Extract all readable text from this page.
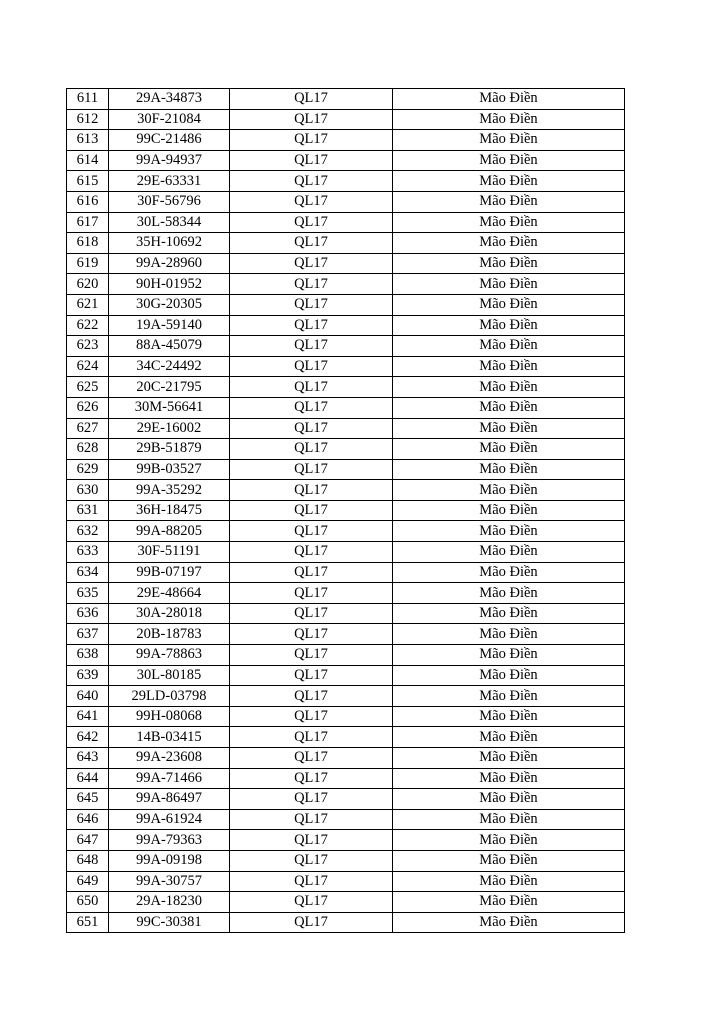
611	29A-34873	QL17	Mão Điền
612	30F-21084	QL17	Mão Điền
613	99C-21486	QL17	Mão Điền
614	99A-94937	QL17	Mão Điền
615	29E-63331	QL17	Mão Điền
616	30F-56796	QL17	Mão Điền
617	30L-58344	QL17	Mão Điền
618	35H-10692	QL17	Mão Điền
619	99A-28960	QL17	Mão Điền
620	90H-01952	QL17	Mão Điền
621	30G-20305	QL17	Mão Điền
622	19A-59140	QL17	Mão Điền
623	88A-45079	QL17	Mão Điền
624	34C-24492	QL17	Mão Điền
625	20C-21795	QL17	Mão Điền
626	30M-56641	QL17	Mão Điền
627	29E-16002	QL17	Mão Điền
628	29B-51879	QL17	Mão Điền
629	99B-03527	QL17	Mão Điền
630	99A-35292	QL17	Mão Điền
631	36H-18475	QL17	Mão Điền
632	99A-88205	QL17	Mão Điền
633	30F-51191	QL17	Mão Điền
634	99B-07197	QL17	Mão Điền
635	29E-48664	QL17	Mão Điền
636	30A-28018	QL17	Mão Điền
637	20B-18783	QL17	Mão Điền
638	99A-78863	QL17	Mão Điền
639	30L-80185	QL17	Mão Điền
640	29LD-03798	QL17	Mão Điền
641	99H-08068	QL17	Mão Điền
642	14B-03415	QL17	Mão Điền
643	99A-23608	QL17	Mão Điền
644	99A-71466	QL17	Mão Điền
645	99A-86497	QL17	Mão Điền
646	99A-61924	QL17	Mão Điền
647	99A-79363	QL17	Mão Điền
648	99A-09198	QL17	Mão Điền
649	99A-30757	QL17	Mão Điền
650	29A-18230	QL17	Mão Điền
651	99C-30381	QL17	Mão Điền
